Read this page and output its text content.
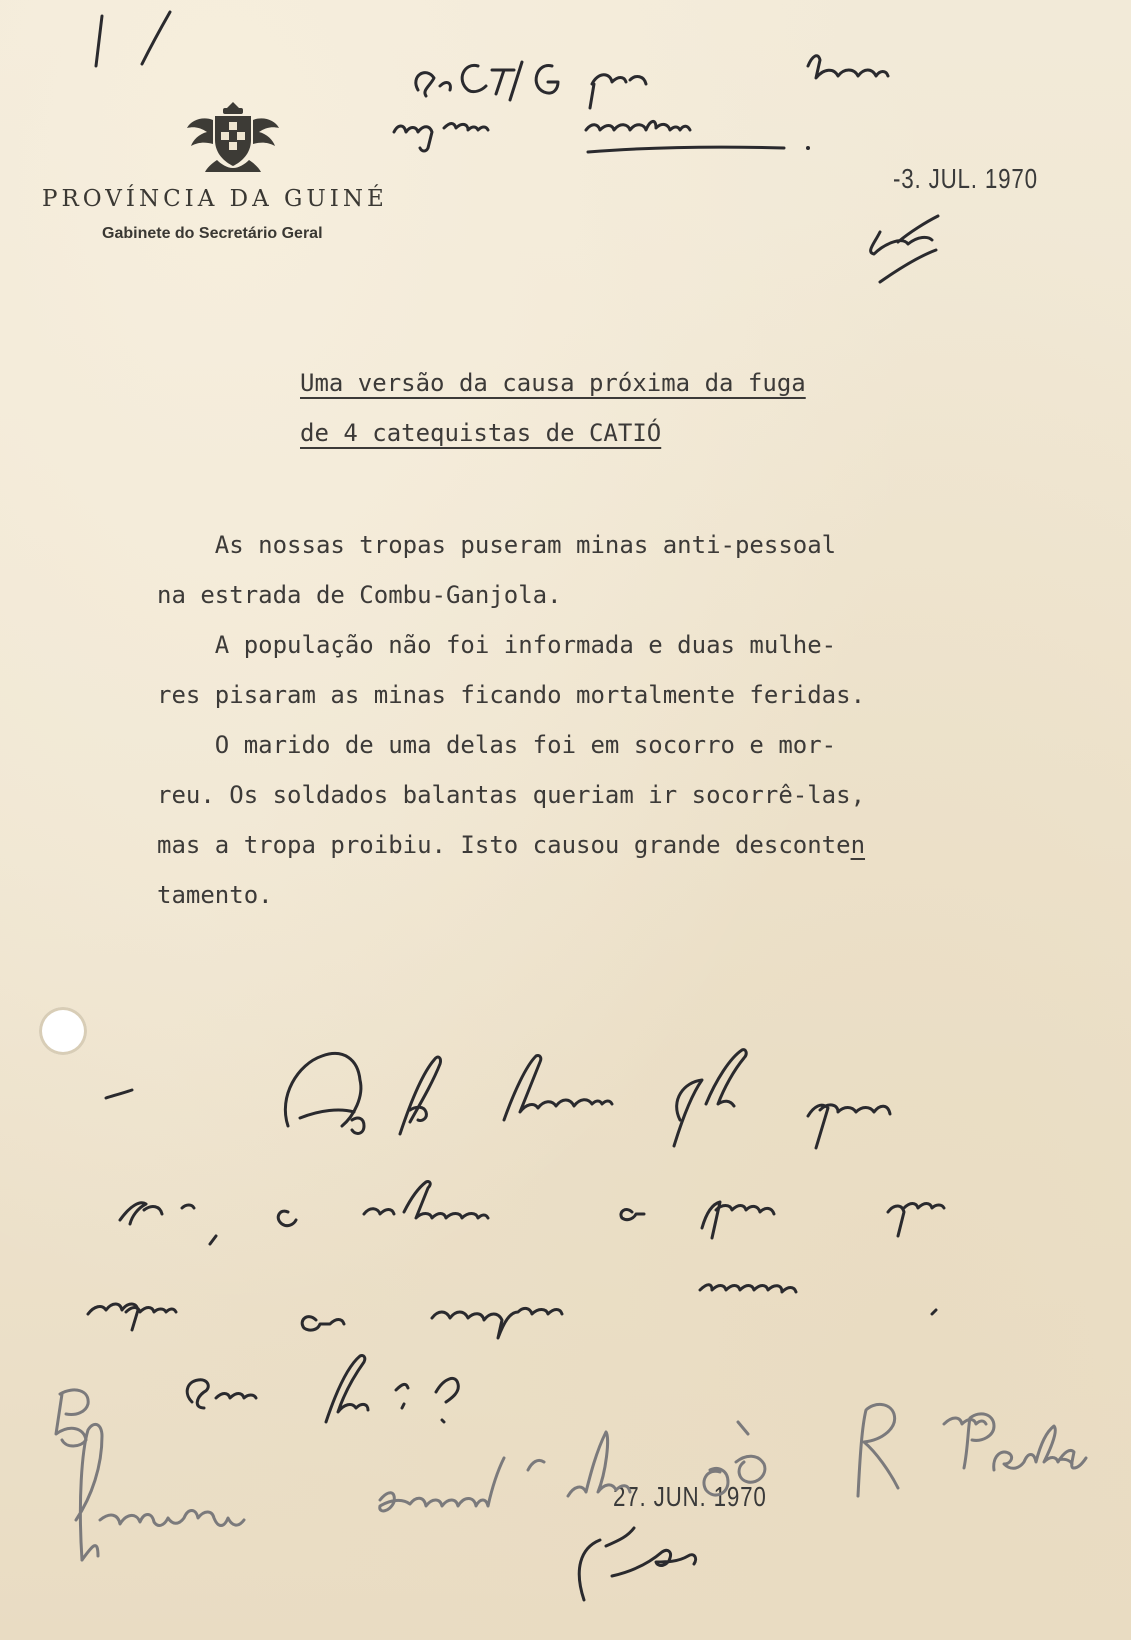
PROVÍNCIA DA GUINÉ
Gabinete do Secretário Geral
-3. JUL. 1970
Uma versão da causa próxima da fuga
de 4 catequistas de CATIÓ
As nossas tropas puseram minas anti-pessoal
na estrada de Combu-Ganjola.
A população não foi informada e duas mulhe-
res pisaram as minas ficando mortalmente feridas.
O marido de uma delas foi em socorro e mor-
reu. Os soldados balantas queriam ir socorrê-las,
mas a tropa proibiu. Isto causou grande desconten
tamento.
27. JUN. 1970
